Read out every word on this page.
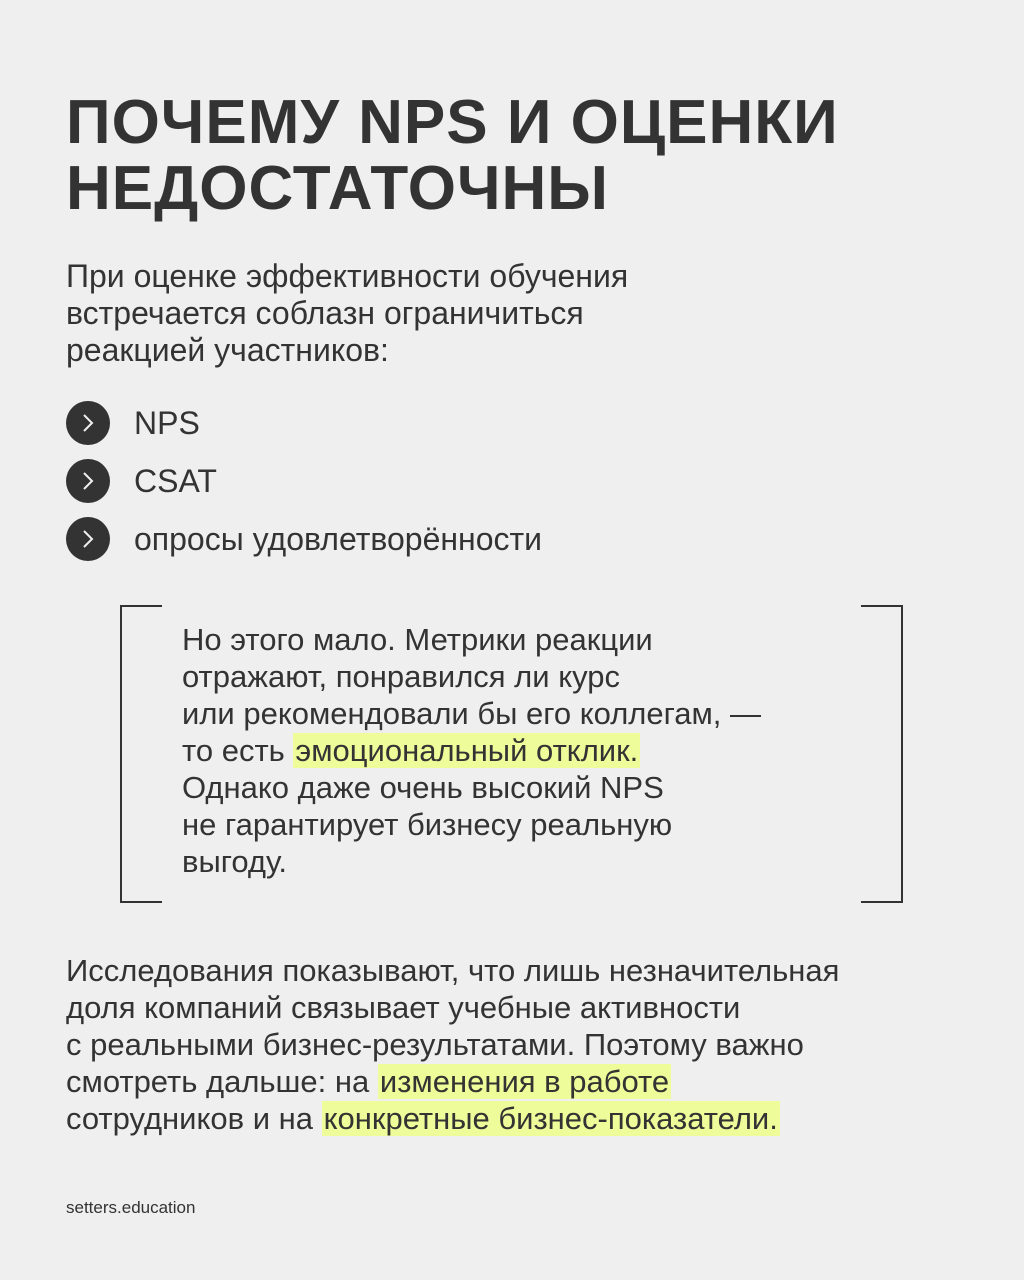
ПОЧЕМУ NPS И ОЦЕНКИ
НЕДОСТАТОЧНЫ

При оценке эффективности обучения
встречается соблазн ограничиться
реакцией участников:

NPS
CSAT
опросы удовлетворённости

Но этого мало. Метрики реакции
отражают, понравился ли курс
или рекомендовали бы его коллегам, —
то есть эмоциональный отклик.
Однако даже очень высокий NPS
не гарантирует бизнесу реальную
выгоду.

Исследования показывают, что лишь незначительная
доля компаний связывает учебные активности
с реальными бизнес-результатами. Поэтому важно
смотреть дальше: на изменения в работе
сотрудников и на конкретные бизнес-показатели.

setters.education
